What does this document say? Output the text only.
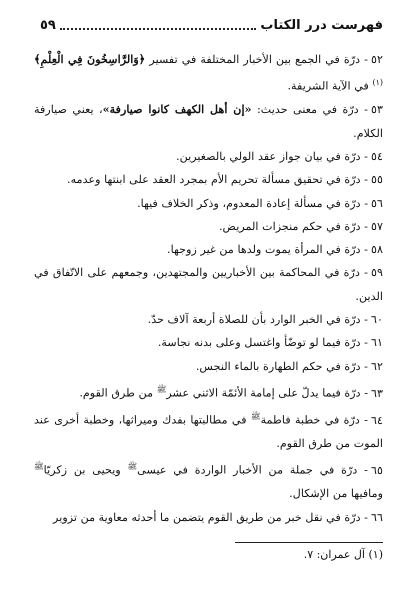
فهرست درر الكتاب
٥٩

٥٢- درّة في الجمع بين الأخبار المختلفة في تفسير ﴿وَالرَّاسِخُونَ فِي الْعِلْمِ﴾$^{(١)}$ في الآية الشريفة.

٥٣- درّة في معنى حديث: «إن أهل الكهف كانوا صيارفة»، يعني صيارفة الكلام.

٥٤- درّة في بيان جواز عقد الولي بالصغيرين.

٥٥- درّة في تحقيق مسألة تحريم الأم بمجرد العقد على ابنتها وعدمه.

٥٦- درّة في مسألة إعادة المعدوم، وذكر الخلاف فيها.

٥٧- درّة في حكم منجزات المريض.

٥٨- درّة في المرأة يموت ولدها من غير زوجها.

٥٩- درّة في المحاكمة بين الأخباريين والمجتهدين، وجمعهم على الاتّفاق في الدين.

٦٠- درّة في الخبر الوارد بأن للصلاة أربعة آلاف حدّ.

٦١- درّة فيما لو توضّأ واغتسل وعلى بدنه نجاسة.

٦٢- درّة في حكم الطهارة بالماء النجس.

٦٣- درّة فيما يدلّ على إمامة الأئمّة الاثني عشر$^ﷺ$ من طرق القوم.

٦٤- درّة في خطبة فاطمة$^ﷺ$ في مطالبتها بفدك وميراثها، وخطبة أخرى عند الموت من طرق القوم.

٦٥- درّة في جملة من الأخبار الواردة في عيسى$^ﷺ$ ويحيى بن زكريّا$^ﷺ$ ومافيها من الإشكال.

٦٦- درّة في نقل خبر من طريق القوم يتضمن ما أحدثه معاوية من تزوير

(١) آل عمران: ٧.
